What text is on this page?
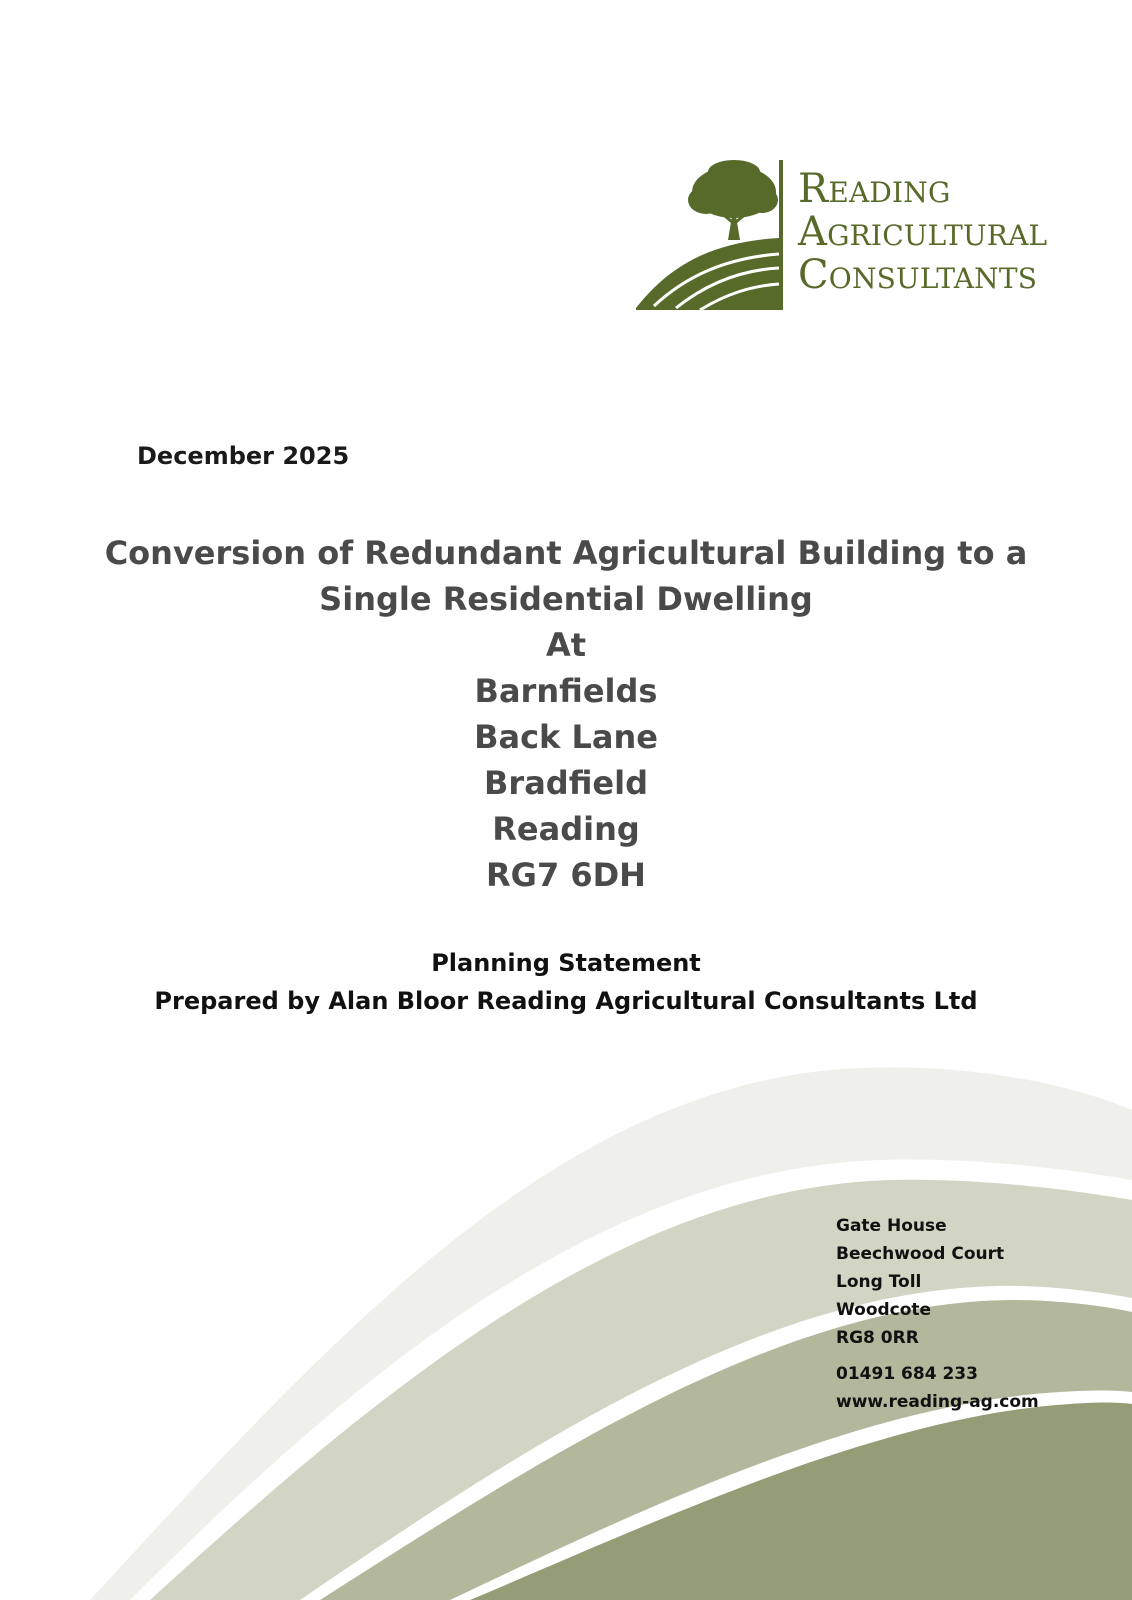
Reading
Agricultural
Consultants
December 2025
Conversion of Redundant Agricultural Building to a
Single Residential Dwelling
At
Barnfields
Back Lane
Bradfield
Reading
RG7 6DH
Planning Statement
Prepared by Alan Bloor Reading Agricultural Consultants Ltd
Gate House
Beechwood Court
Long Toll
Woodcote
RG8 0RR
01491 684 233
www.reading-ag.com
